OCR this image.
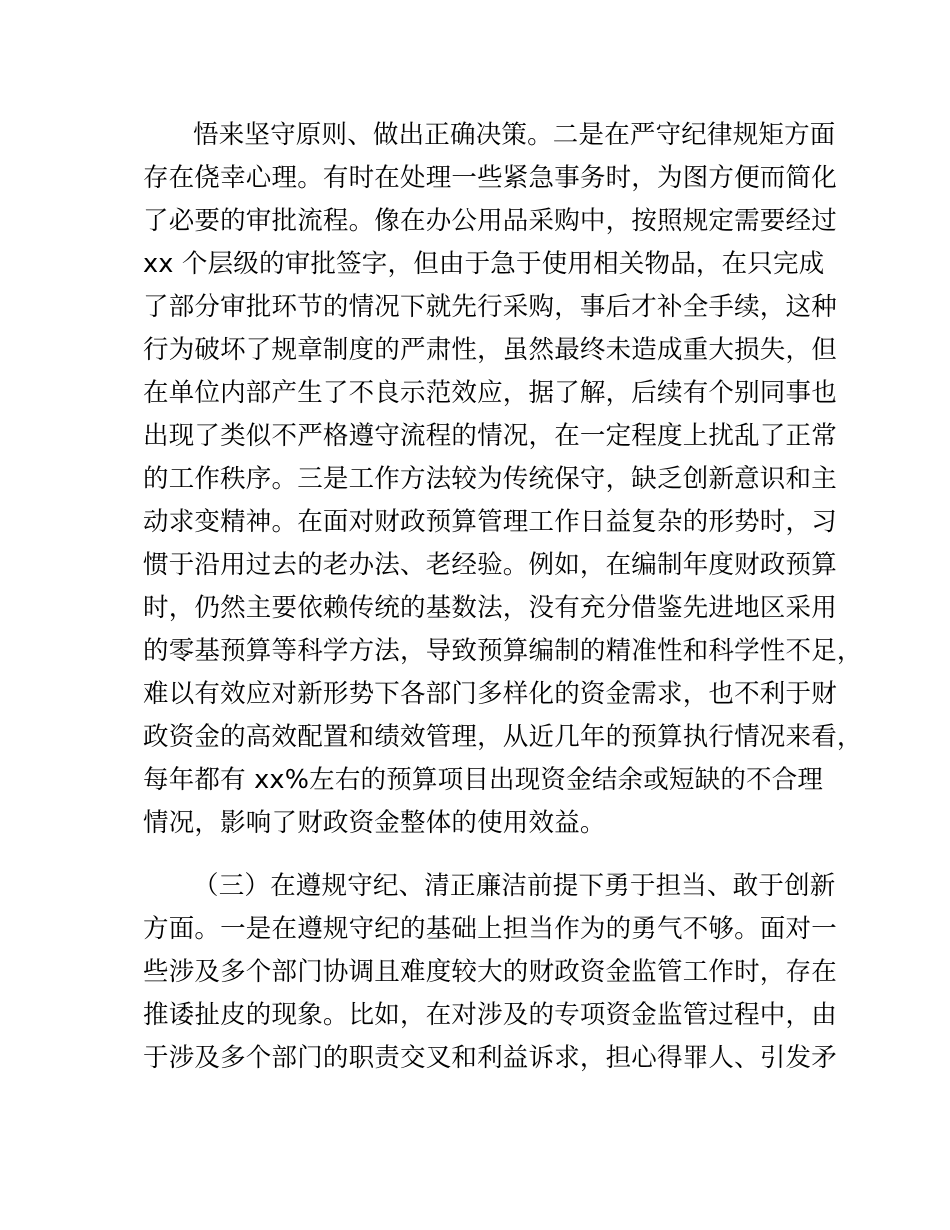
悟来坚守原则、做出正确决策。二是在严守纪律规矩方面
存在侥幸心理。有时在处理一些紧急事务时，为图方便而简化
了必要的审批流程。像在办公用品采购中，按照规定需要经过
xx 个层级的审批签字，但由于急于使用相关物品，在只完成
了部分审批环节的情况下就先行采购，事后才补全手续，这种
行为破坏了规章制度的严肃性，虽然最终未造成重大损失，但
在单位内部产生了不良示范效应，据了解，后续有个别同事也
出现了类似不严格遵守流程的情况，在一定程度上扰乱了正常
的工作秩序。三是工作方法较为传统保守，缺乏创新意识和主
动求变精神。在面对财政预算管理工作日益复杂的形势时，习
惯于沿用过去的老办法、老经验。例如，在编制年度财政预算
时，仍然主要依赖传统的基数法，没有充分借鉴先进地区采用
的零基预算等科学方法，导致预算编制的精准性和科学性不足，
难以有效应对新形势下各部门多样化的资金需求，也不利于财
政资金的高效配置和绩效管理，从近几年的预算执行情况来看，
每年都有 xx%左右的预算项目出现资金结余或短缺的不合理
情况，影响了财政资金整体的使用效益。
（三）在遵规守纪、清正廉洁前提下勇于担当、敢于创新
方面。一是在遵规守纪的基础上担当作为的勇气不够。面对一
些涉及多个部门协调且难度较大的财政资金监管工作时，存在
推诿扯皮的现象。比如，在对涉及的专项资金监管过程中，由
于涉及多个部门的职责交叉和利益诉求，担心得罪人、引发矛
